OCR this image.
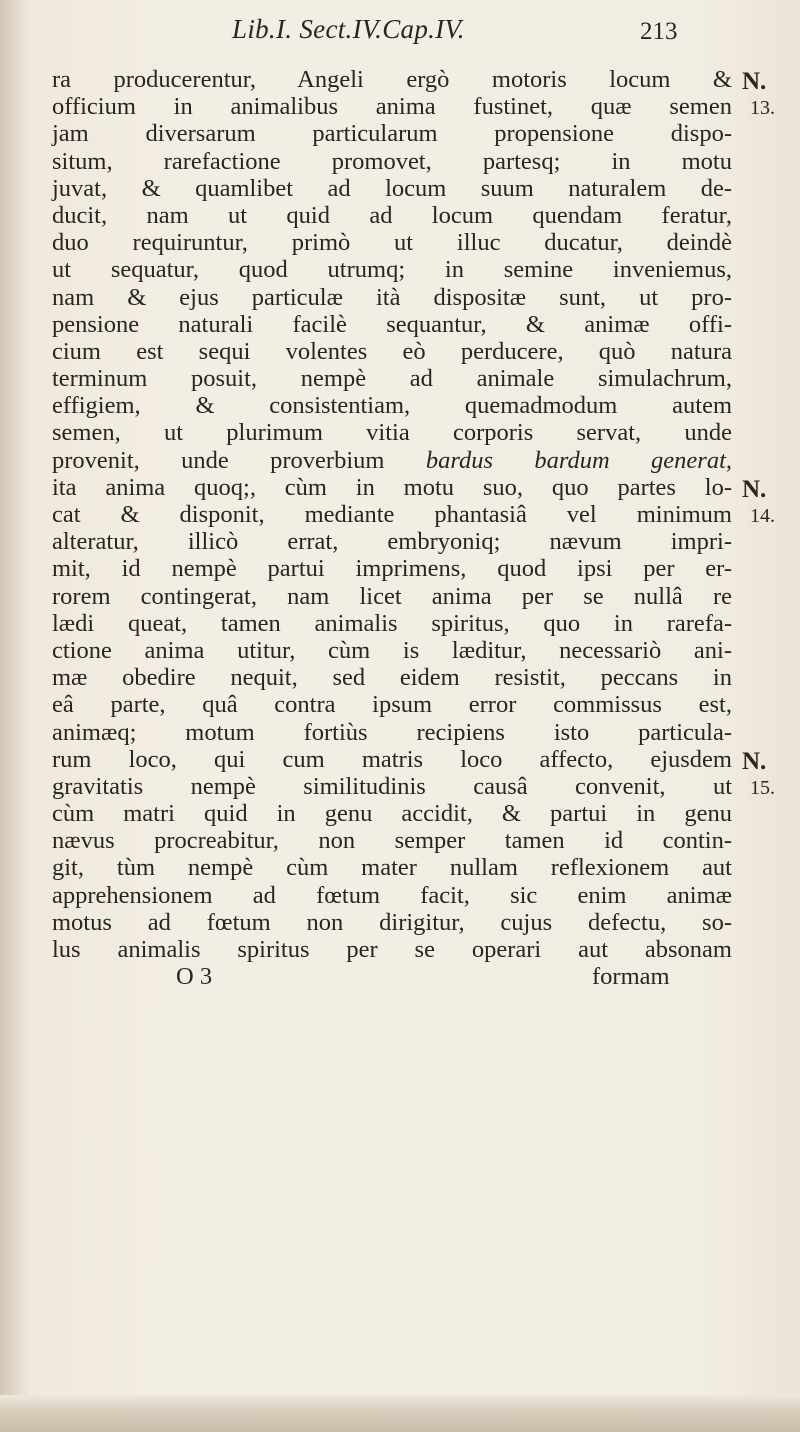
Lib.I. Sect.IV.Cap.IV.	213
ra producerentur, Angeli ergò motoris locum &
officium in animalibus anima fustinet, quæ semen
jam diversarum particularum propensione dispo-
situm, rarefactione promovet, partesq; in motu
juvat, & quamlibet ad locum suum naturalem de-
ducit, nam ut quid ad locum quendam feratur,
duo requiruntur, primò ut illuc ducatur, deindè
ut sequatur, quod utrumq; in semine inveniemus,
nam & ejus particulæ ità dispositæ sunt, ut pro-
pensione naturali facilè sequantur, & animæ offi-
cium est sequi volentes eò perducere, quò natura
terminum posuit, nempè ad animale simulachrum,
effigiem, & consistentiam, quemadmodum autem
semen, ut plurimum vitia corporis servat, unde
provenit, unde proverbium bardus bardum generat,
ita anima quoq;, cùm in motu suo, quo partes lo-
cat & disponit, mediante phantasiâ vel minimum
alteratur, illicò errat, embryoniq; nævum impri-
mit, id nempè partui imprimens, quod ipsi per er-
rorem contingerat, nam licet anima per se nullâ re
lædi queat, tamen animalis spiritus, quo in rarefa-
ctione anima utitur, cùm is læditur, necessariò ani-
mæ obedire nequit, sed eidem resistit, peccans in
eâ parte, quâ contra ipsum error commissus est,
animæq; motum fortiùs recipiens isto particula-
rum loco, qui cum matris loco affecto, ejusdem
gravitatis nempè similitudinis causâ convenit, ut
cùm matri quid in genu accidit, & partui in genu
nævus procreabitur, non semper tamen id contin-
git, tùm nempè cùm mater nullam reflexionem aut
apprehensionem ad fœtum facit, sic enim animæ
motus ad fœtum non dirigitur, cujus defectu, so-
lus animalis spiritus per se operari aut absonam
O 3	formam
N.
13.
N.
14.
N.
15.
